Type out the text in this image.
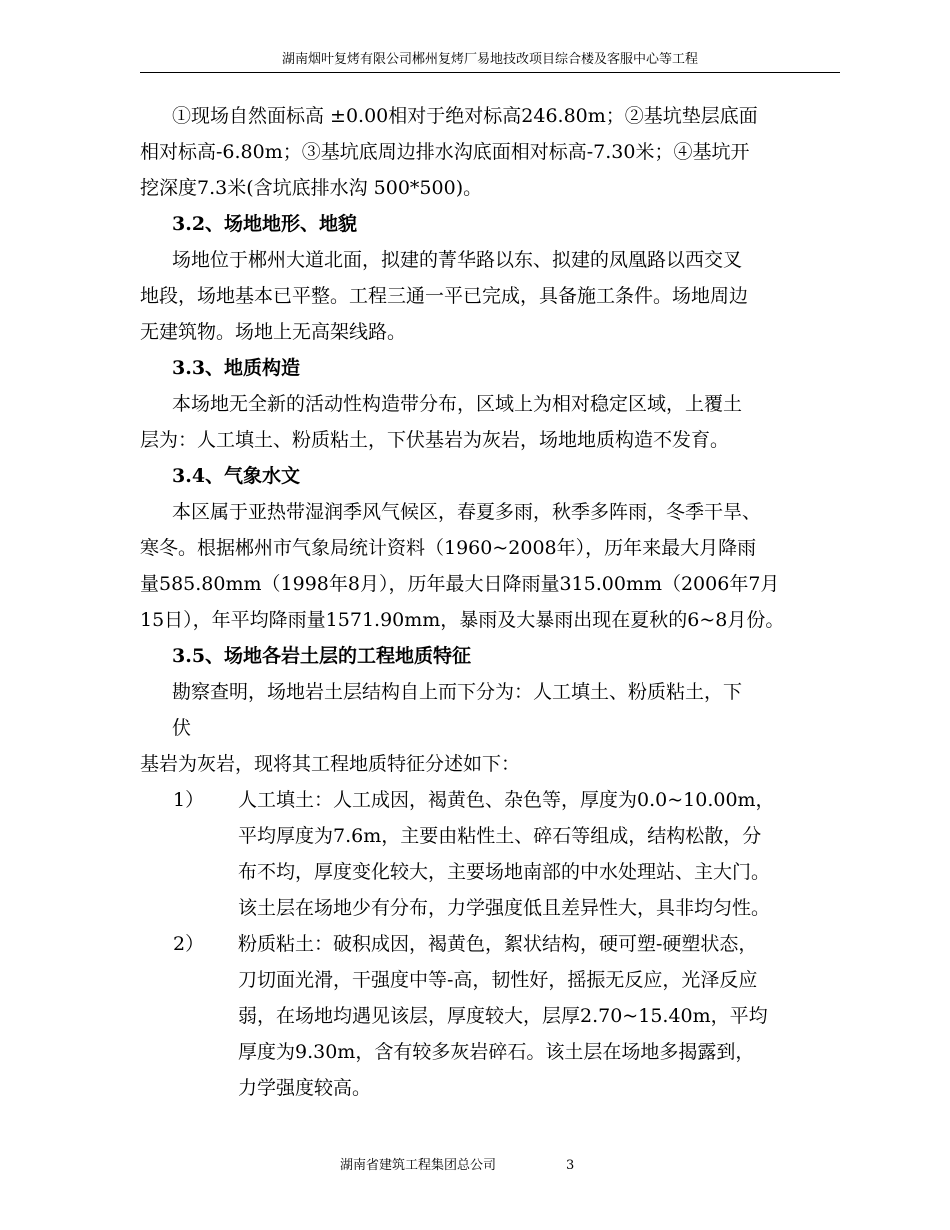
湖南烟叶复烤有限公司郴州复烤厂易地技改项目综合楼及客服中心等工程
①现场自然面标高 ±0.00相对于绝对标高246.80m；②基坑垫层底面
相对标高-6.80m；③基坑底周边排水沟底面相对标高-7.30米；④基坑开
挖深度7.3米(含坑底排水沟 500*500)。
3.2、场地地形、地貌
场地位于郴州大道北面，拟建的菁华路以东、拟建的凤凰路以西交叉
地段，场地基本已平整。工程三通一平已完成，具备施工条件。场地周边
无建筑物。场地上无高架线路。
3.3、地质构造
本场地无全新的活动性构造带分布，区域上为相对稳定区域，上覆土
层为：人工填土、粉质粘土，下伏基岩为灰岩，场地地质构造不发育。
3.4、气象水文
本区属于亚热带湿润季风气候区，春夏多雨，秋季多阵雨，冬季干旱、
寒冬。根据郴州市气象局统计资料（1960~2008年），历年来最大月降雨
量585.80mm（1998年8月），历年最大日降雨量315.00mm（2006年7月
15日），年平均降雨量1571.90mm，暴雨及大暴雨出现在夏秋的6~8月份。
3.5、场地各岩土层的工程地质特征
勘察查明，场地岩土层结构自上而下分为：人工填土、粉质粘土，下
伏
基岩为灰岩，现将其工程地质特征分述如下：
1）	人工填土：人工成因，褐黄色、杂色等，厚度为0.0~10.00m，
平均厚度为7.6m，主要由粘性土、碎石等组成，结构松散，分
布不均，厚度变化较大，主要场地南部的中水处理站、主大门。
该土层在场地少有分布，力学强度低且差异性大，具非均匀性。
2）	粉质粘土：破积成因，褐黄色，絮状结构，硬可塑-硬塑状态，
刀切面光滑，干强度中等-高，韧性好，摇振无反应，光泽反应
弱，在场地均遇见该层，厚度较大，层厚2.70~15.40m，平均
厚度为9.30m，含有较多灰岩碎石。该土层在场地多揭露到，
力学强度较高。
湖南省建筑工程集团总公司	3
